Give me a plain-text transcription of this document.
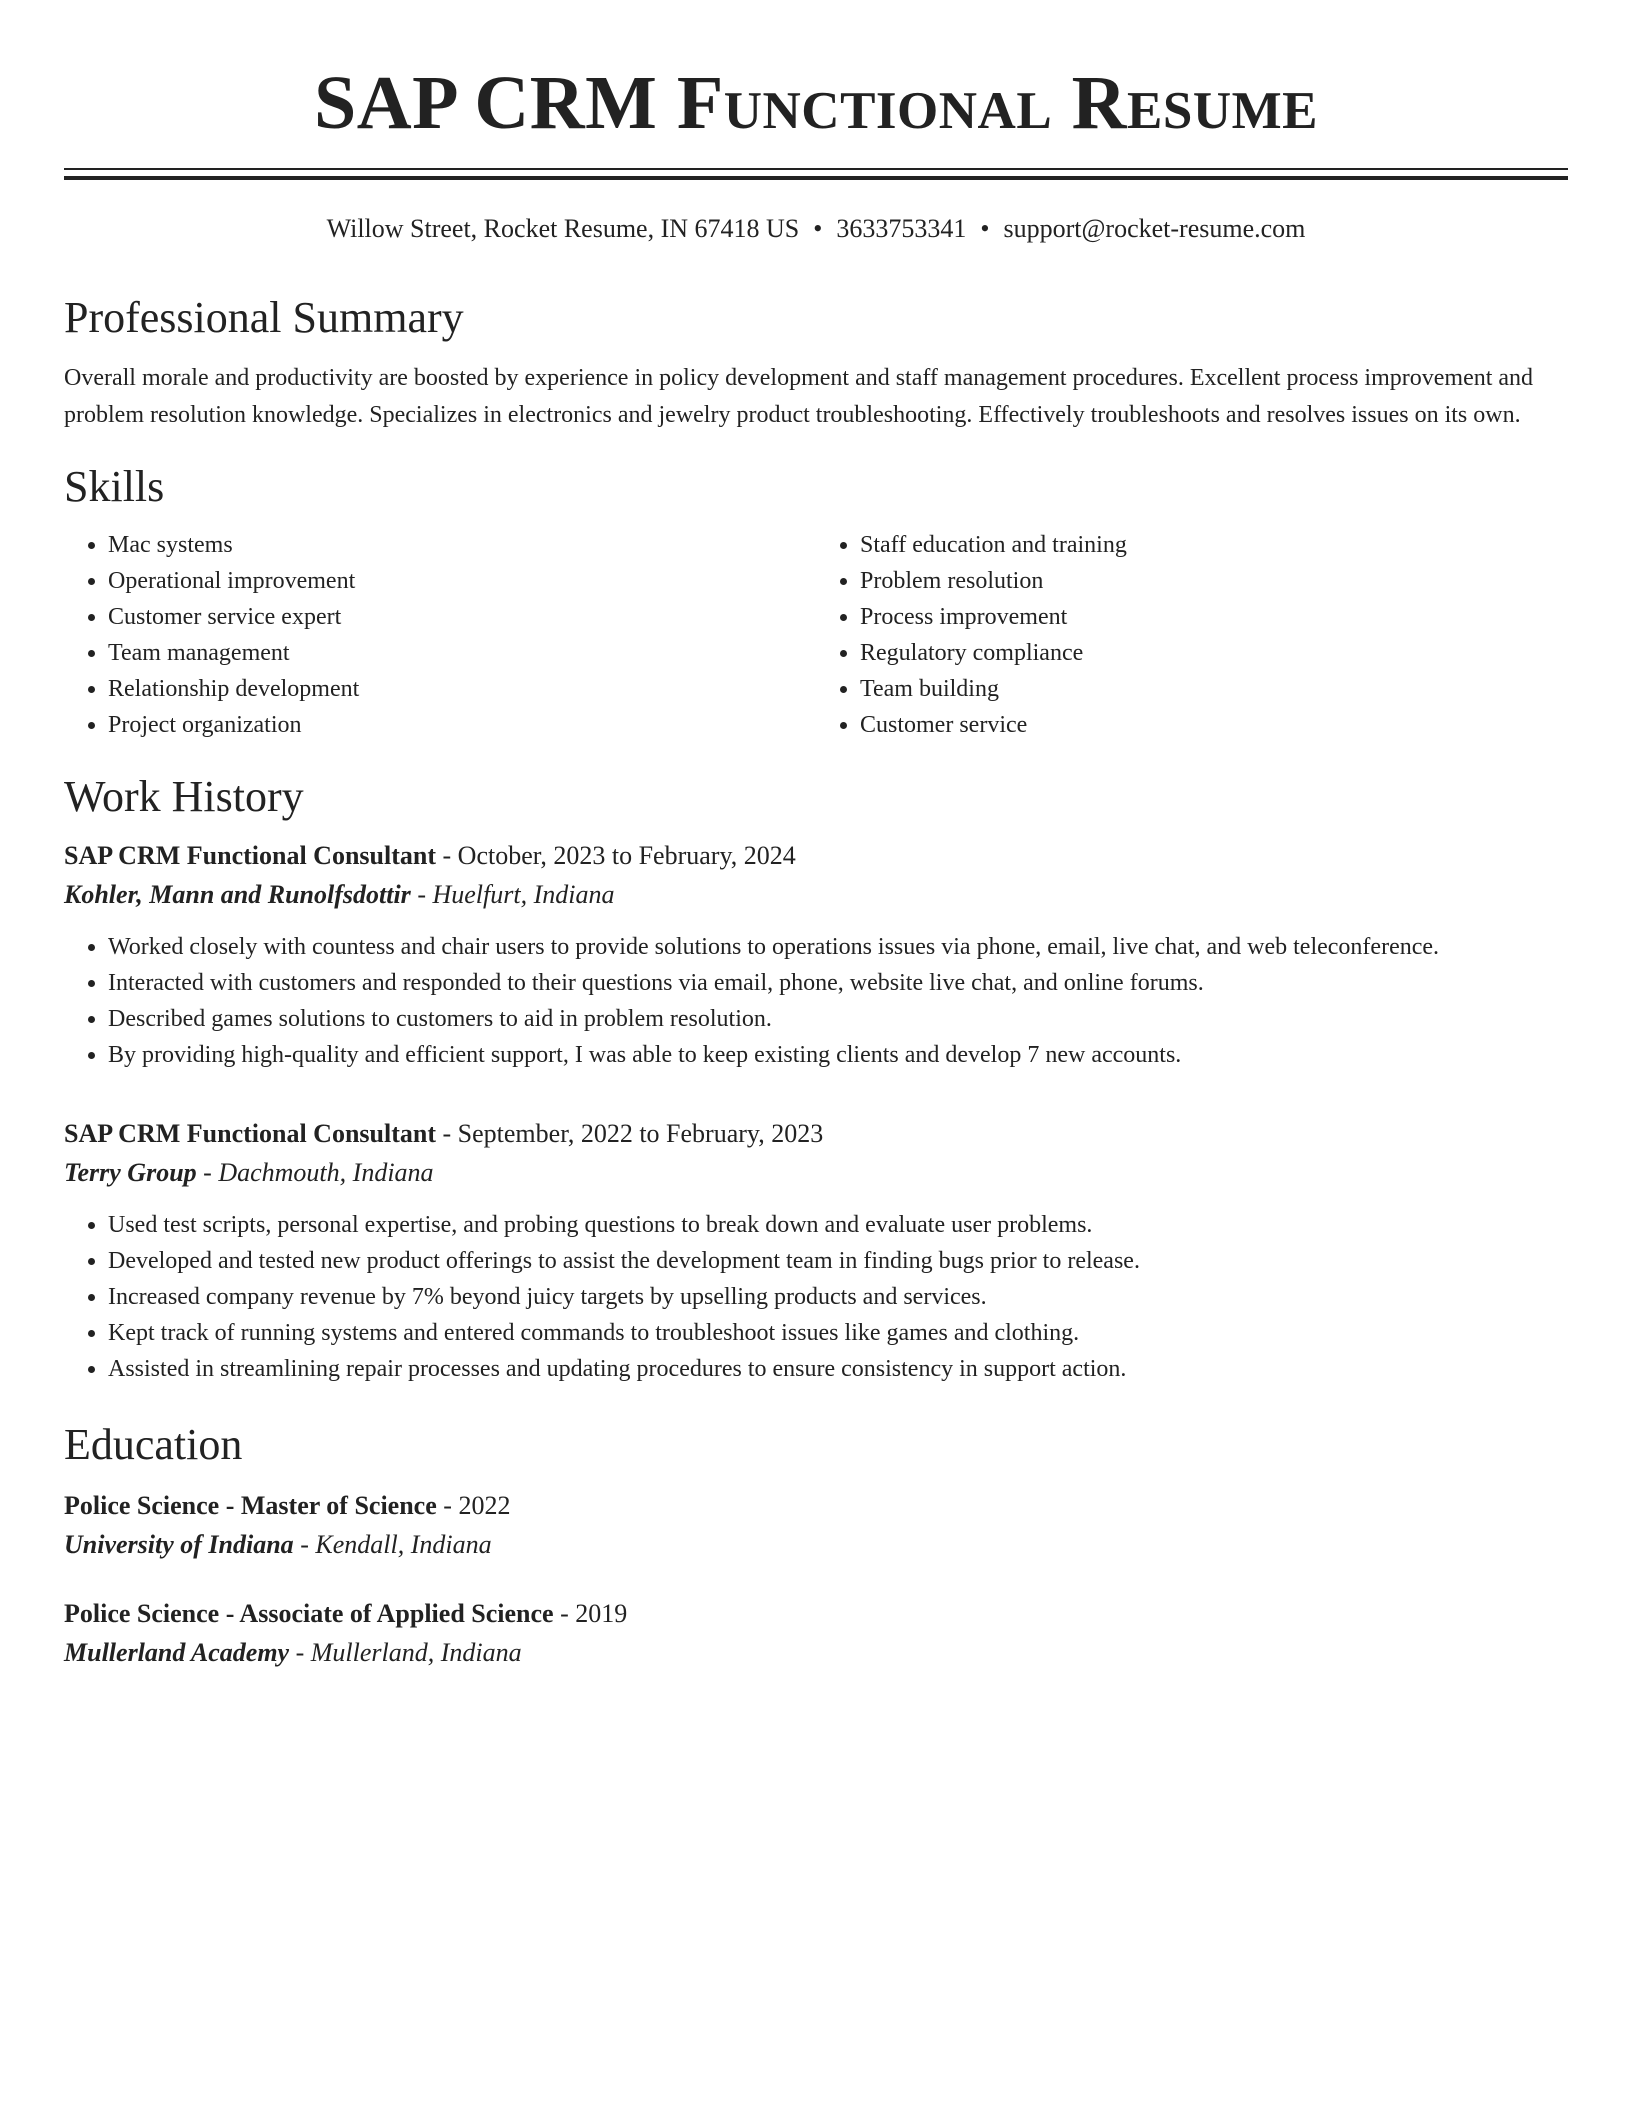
SAP CRM Functional Resume
Willow Street, Rocket Resume, IN 67418 US • 3633753341 • support@rocket-resume.com
Professional Summary

Overall morale and productivity are boosted by experience in policy development and staff management procedures. Excellent process improvement and problem resolution knowledge. Specializes in electronics and jewelry product troubleshooting. Effectively troubleshoots and resolves issues on its own.

Skills
• Mac systems
• Operational improvement
• Customer service expert
• Team management
• Relationship development
• Project organization
• Staff education and training
• Problem resolution
• Process improvement
• Regulatory compliance
• Team building
• Customer service
Work History
SAP CRM Functional Consultant - October, 2023 to February, 2024
Kohler, Mann and Runolfsdottir - Huelfurt, Indiana
• Worked closely with countess and chair users to provide solutions to operations issues via phone, email, live chat, and web teleconference.
• Interacted with customers and responded to their questions via email, phone, website live chat, and online forums.
• Described games solutions to customers to aid in problem resolution.
• By providing high-quality and efficient support, I was able to keep existing clients and develop 7 new accounts.
SAP CRM Functional Consultant - September, 2022 to February, 2023
Terry Group - Dachmouth, Indiana
• Used test scripts, personal expertise, and probing questions to break down and evaluate user problems.
• Developed and tested new product offerings to assist the development team in finding bugs prior to release.
• Increased company revenue by 7% beyond juicy targets by upselling products and services.
• Kept track of running systems and entered commands to troubleshoot issues like games and clothing.
• Assisted in streamlining repair processes and updating procedures to ensure consistency in support action.
Education
Police Science - Master of Science - 2022
University of Indiana - Kendall, Indiana
Police Science - Associate of Applied Science - 2019
Mullerland Academy - Mullerland, Indiana
